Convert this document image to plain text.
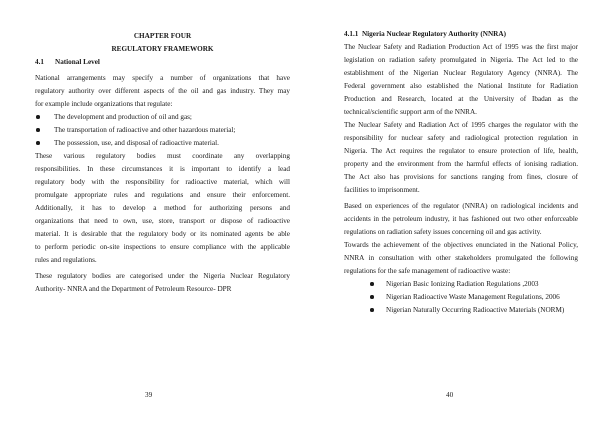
CHAPTER FOUR

REGULATORY FRAMEWORK

4.1 National Level

National arrangements may specify a number of organizations that have
regulatory authority over different aspects of the oil and gas industry. They may
for example include organizations that regulate:
The development and production of oil and gas;
The transportation of radioactive and other hazardous material;
The possession, use, and disposal of radioactive material.
These various regulatory bodies must coordinate any overlapping
responsibilities. In these circumstances it is important to identify a lead
regulatory body with the responsibility for radioactive material, which will
promulgate appropriate rules and regulations and ensure their enforcement.
Additionally, it has to develop a method for authorizing persons and
organizations that need to own, use, store, transport or dispose of radioactive
material. It is desirable that the regulatory body or its nominated agents be able
to perform periodic on-site inspections to ensure compliance with the applicable
rules and regulations.
These regulatory bodies are categorised under the Nigeria Nuclear Regulatory
Authority- NNRA and the Department of Petroleum Resource- DPR
39

4.1.1 Nigeria Nuclear Regulatory Authority (NNRA)

The Nuclear Safety and Radiation Production Act of 1995 was the first major
legislation on radiation safety promulgated in Nigeria. The Act led to the
establishment of the Nigerian Nuclear Regulatory Agency (NNRA). The
Federal government also established the National Institute for Radiation
Production and Research, located at the University of Ibadan as the
technical/scientific support arm of the NNRA.
The Nuclear Safety and Radiation Act of 1995 charges the regulator with the
responsibility for nuclear safety and radiological protection regulation in
Nigeria. The Act requires the regulator to ensure protection of life, health,
property and the environment from the harmful effects of ionising radiation.
The Act also has provisions for sanctions ranging from fines, closure of
facilities to imprisonment.
Based on experiences of the regulator (NNRA) on radiological incidents and
accidents in the petroleum industry, it has fashioned out two other enforceable
regulations on radiation safety issues concerning oil and gas activity.
Towards the achievement of the objectives enunciated in the National Policy,
NNRA in consultation with other stakeholders promulgated the following
regulations for the safe management of radioactive waste:
Nigerian Basic Ionizing Radiation Regulations ,2003
Nigerian Radioactive Waste Management Regulations, 2006
Nigerian Naturally Occurring Radioactive Materials (NORM)
40
